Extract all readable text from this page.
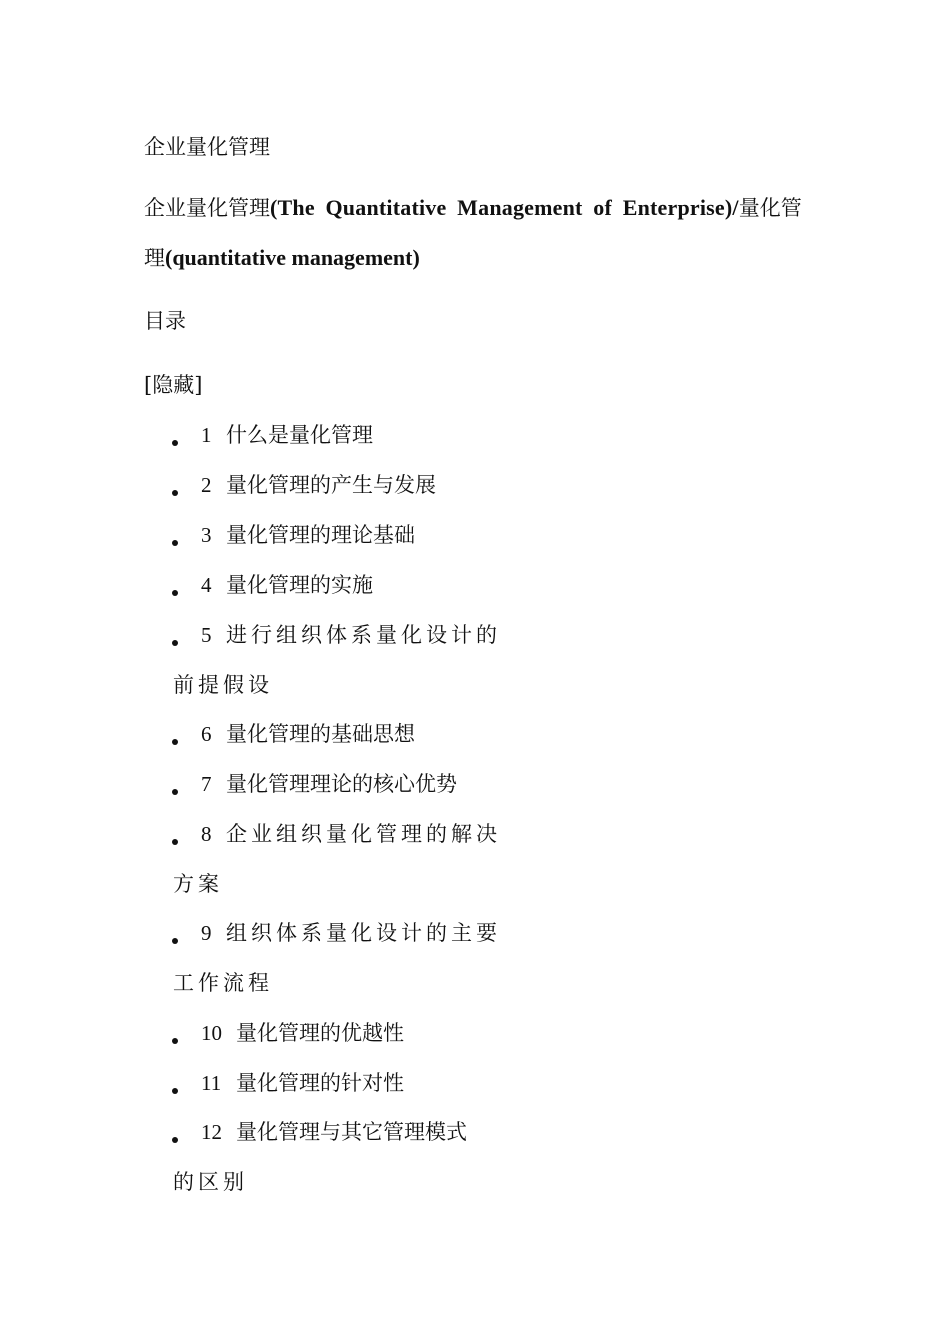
企业量化管理
企业量化管理(The Quantitative Management of Enterprise)/量化管
理(quantitative management)
目录
[隐藏]
1 什么是量化管理
2 量化管理的产生与发展
3 量化管理的理论基础
4 量化管理的实施
5 进行组织体系量化设计的
前提假设
6 量化管理的基础思想
7 量化管理理论的核心优势
8 企业组织量化管理的解决
方案
9 组织体系量化设计的主要
工作流程
10 量化管理的优越性
11 量化管理的针对性
12 量化管理与其它管理模式
的区别
